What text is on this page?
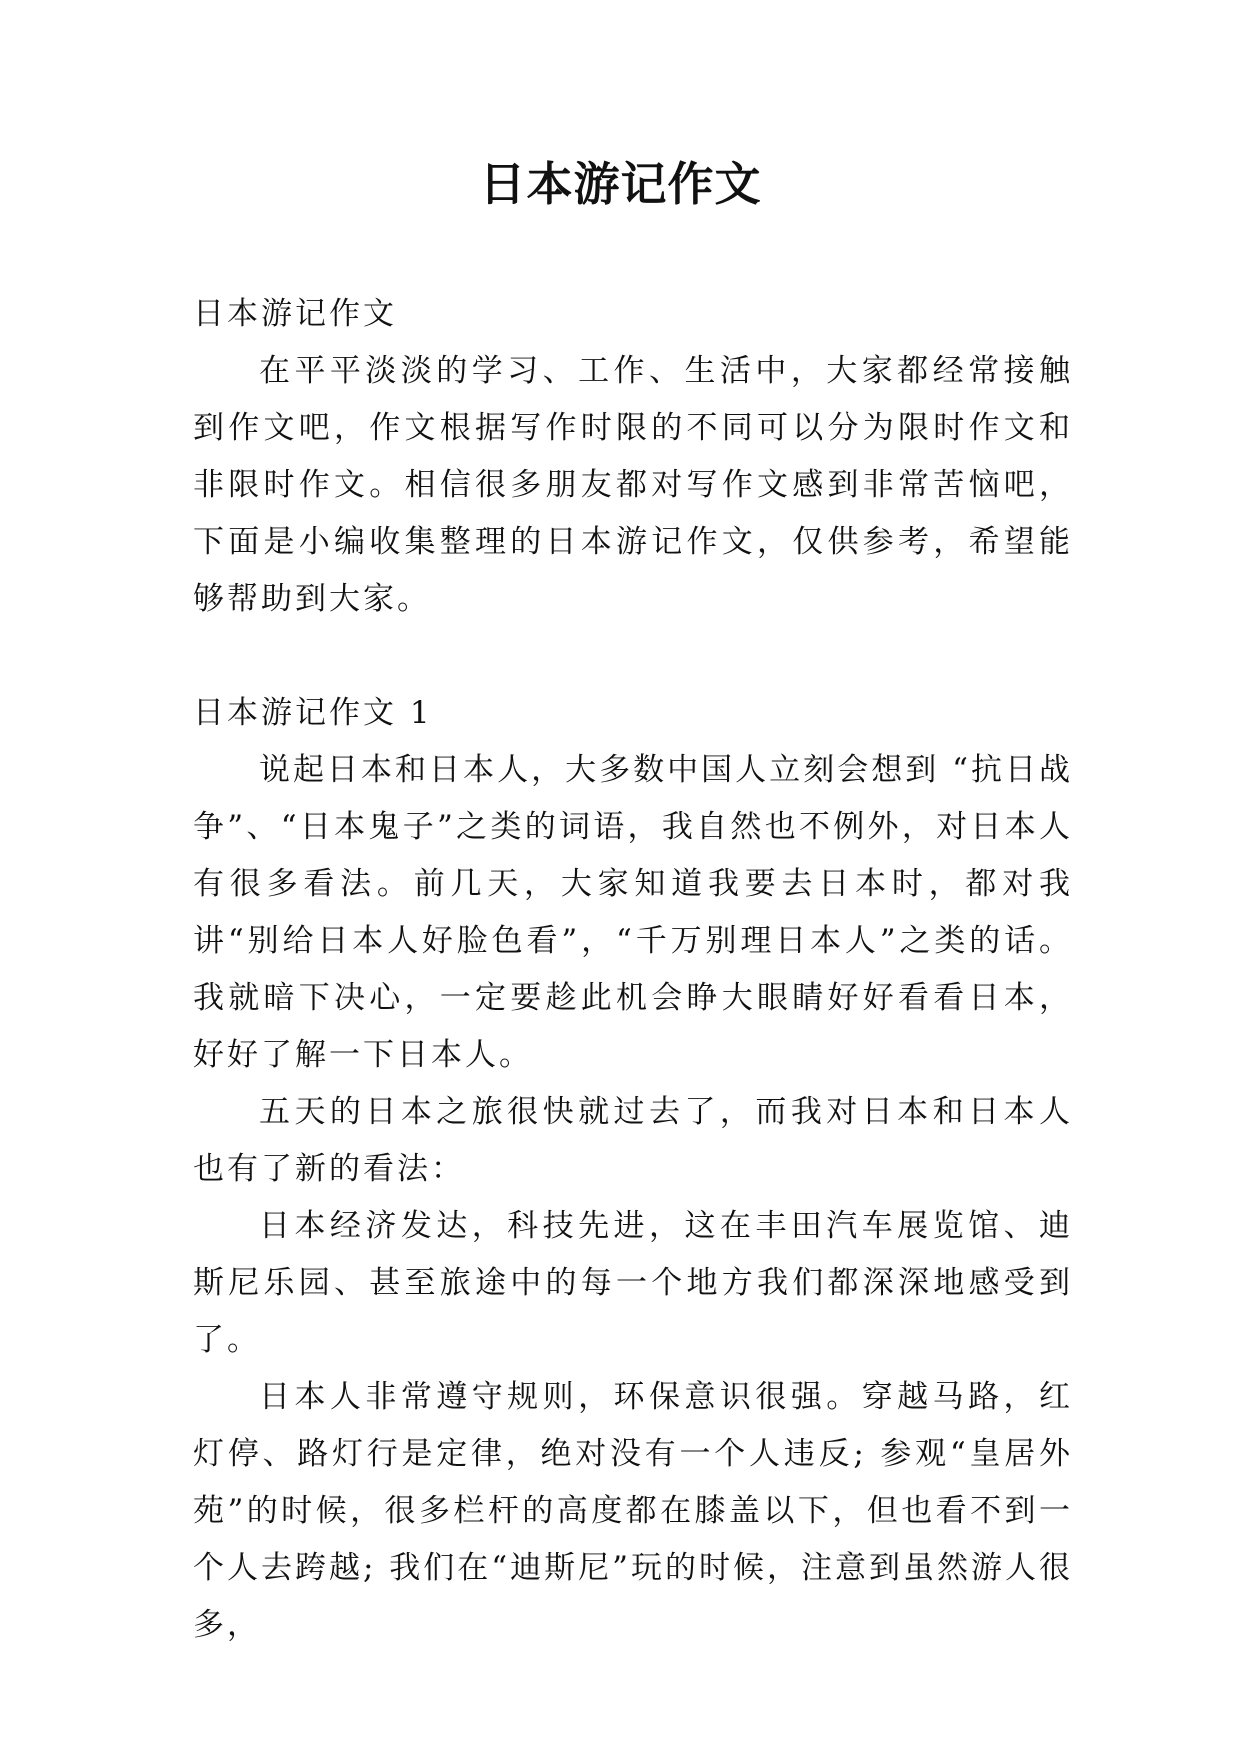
日本游记作文

日本游记作文

在平平淡淡的学习、工作、生活中，大家都经常接触到作文吧，作文根据写作时限的不同可以分为限时作文和非限时作文。相信很多朋友都对写作文感到非常苦恼吧，下面是小编收集整理的日本游记作文，仅供参考，希望能够帮助到大家。

日本游记作文 1

说起日本和日本人，大多数中国人立刻会想到 “抗日战争”、“日本鬼子”之类的词语，我自然也不例外，对日本人有很多看法。前几天，大家知道我要去日本时，都对我讲“别给日本人好脸色看”，“千万别理日本人”之类的话。我就暗下决心，一定要趁此机会睁大眼睛好好看看日本，好好了解一下日本人。

五天的日本之旅很快就过去了，而我对日本和日本人也有了新的看法：

日本经济发达，科技先进，这在丰田汽车展览馆、迪斯尼乐园、甚至旅途中的每一个地方我们都深深地感受到了。

日本人非常遵守规则，环保意识很强。穿越马路，红灯停、路灯行是定律，绝对没有一个人违反; 参观“皇居外苑”的时候，很多栏杆的高度都在膝盖以下，但也看不到一个人去跨越; 我们在“迪斯尼”玩的时候，注意到虽然游人很多，
